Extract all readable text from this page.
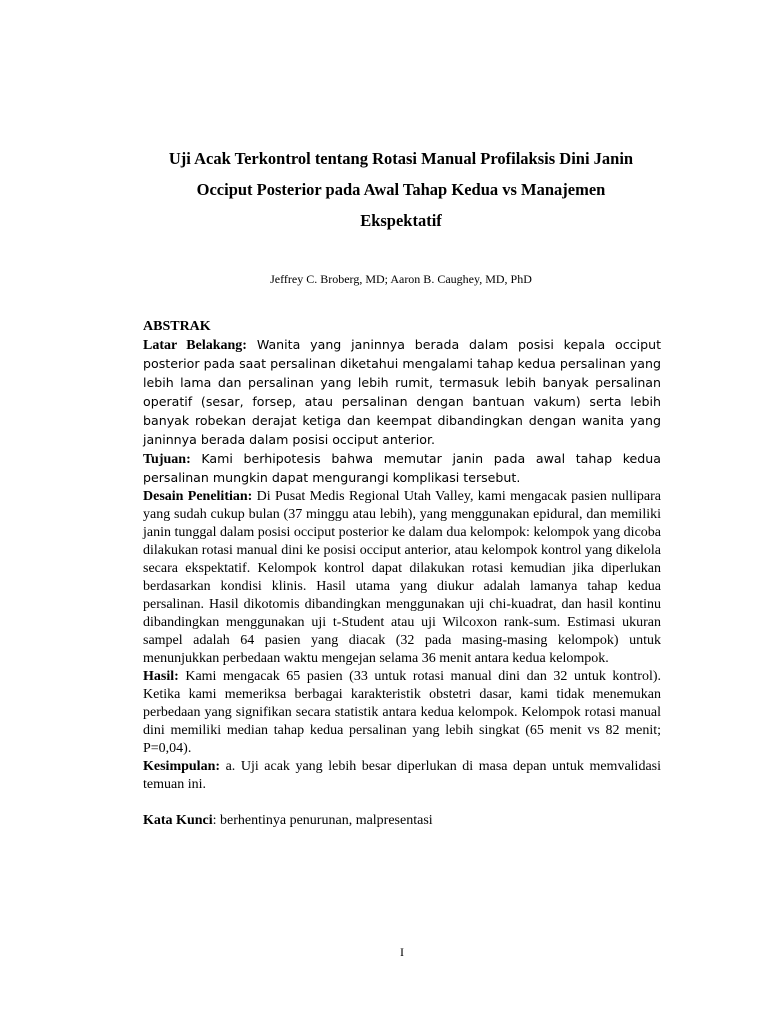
Uji Acak Terkontrol tentang Rotasi Manual Profilaksis Dini Janin
Occiput Posterior pada Awal Tahap Kedua vs Manajemen
Ekspektatif
Jeffrey C. Broberg, MD; Aaron B. Caughey, MD, PhD

ABSTRAK

Latar Belakang: Wanita yang janinnya berada dalam posisi kepala occiput posterior pada saat persalinan diketahui mengalami tahap kedua persalinan yang lebih lama dan persalinan yang lebih rumit, termasuk lebih banyak persalinan operatif (sesar, forsep, atau persalinan dengan bantuan vakum) serta lebih banyak robekan derajat ketiga dan keempat dibandingkan dengan wanita yang janinnya berada dalam posisi occiput anterior.

Tujuan: Kami berhipotesis bahwa memutar janin pada awal tahap kedua persalinan mungkin dapat mengurangi komplikasi tersebut.

Desain Penelitian: Di Pusat Medis Regional Utah Valley, kami mengacak pasien nullipara yang sudah cukup bulan (37 minggu atau lebih), yang menggunakan epidural, dan memiliki janin tunggal dalam posisi occiput posterior ke dalam dua kelompok: kelompok yang dicoba dilakukan rotasi manual dini ke posisi occiput anterior, atau kelompok kontrol yang dikelola secara ekspektatif. Kelompok kontrol dapat dilakukan rotasi kemudian jika diperlukan berdasarkan kondisi klinis. Hasil utama yang diukur adalah lamanya tahap kedua persalinan. Hasil dikotomis dibandingkan menggunakan uji chi-kuadrat, dan hasil kontinu dibandingkan menggunakan uji t-Student atau uji Wilcoxon rank-sum. Estimasi ukuran sampel adalah 64 pasien yang diacak (32 pada masing-masing kelompok) untuk menunjukkan perbedaan waktu mengejan selama 36 menit antara kedua kelompok.

Hasil: Kami mengacak 65 pasien (33 untuk rotasi manual dini dan 32 untuk kontrol). Ketika kami memeriksa berbagai karakteristik obstetri dasar, kami tidak menemukan perbedaan yang signifikan secara statistik antara kedua kelompok. Kelompok rotasi manual dini memiliki median tahap kedua persalinan yang lebih singkat (65 menit vs 82 menit; P=0,04).

Kesimpulan: a. Uji acak yang lebih besar diperlukan di masa depan untuk memvalidasi temuan ini.

Kata Kunci: berhentinya penurunan, malpresentasi

I
